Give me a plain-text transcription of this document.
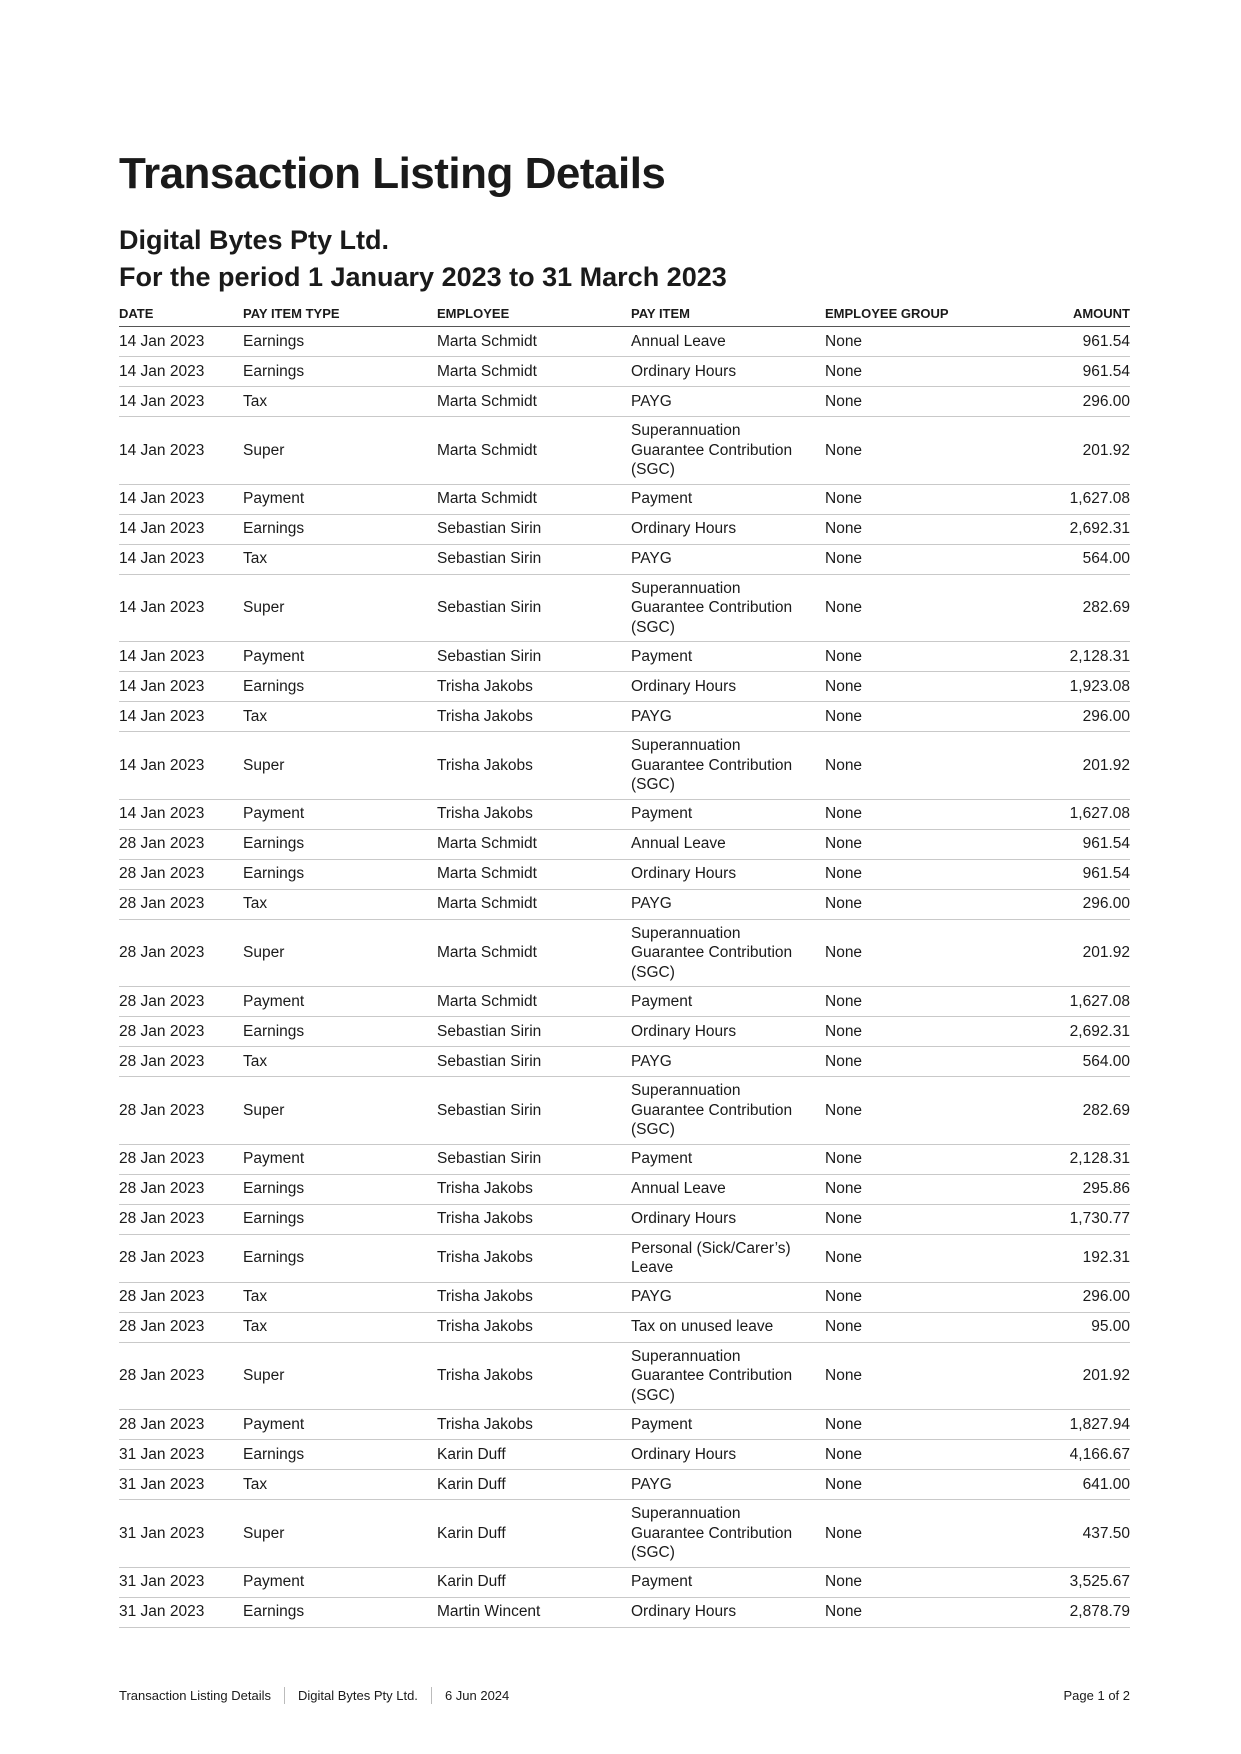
Transaction Listing Details
Digital Bytes Pty Ltd.
For the period 1 January 2023 to 31 March 2023
DATE	PAY ITEM TYPE	EMPLOYEE	PAY ITEM	EMPLOYEE GROUP	AMOUNT
14 Jan 2023	Earnings	Marta Schmidt	Annual Leave	None	961.54
14 Jan 2023	Earnings	Marta Schmidt	Ordinary Hours	None	961.54
14 Jan 2023	Tax	Marta Schmidt	PAYG	None	296.00
14 Jan 2023	Super	Marta Schmidt	Superannuation Guarantee Contribution (SGC)	None	201.92
14 Jan 2023	Payment	Marta Schmidt	Payment	None	1,627.08
14 Jan 2023	Earnings	Sebastian Sirin	Ordinary Hours	None	2,692.31
14 Jan 2023	Tax	Sebastian Sirin	PAYG	None	564.00
14 Jan 2023	Super	Sebastian Sirin	Superannuation Guarantee Contribution (SGC)	None	282.69
14 Jan 2023	Payment	Sebastian Sirin	Payment	None	2,128.31
14 Jan 2023	Earnings	Trisha Jakobs	Ordinary Hours	None	1,923.08
14 Jan 2023	Tax	Trisha Jakobs	PAYG	None	296.00
14 Jan 2023	Super	Trisha Jakobs	Superannuation Guarantee Contribution (SGC)	None	201.92
14 Jan 2023	Payment	Trisha Jakobs	Payment	None	1,627.08
28 Jan 2023	Earnings	Marta Schmidt	Annual Leave	None	961.54
28 Jan 2023	Earnings	Marta Schmidt	Ordinary Hours	None	961.54
28 Jan 2023	Tax	Marta Schmidt	PAYG	None	296.00
28 Jan 2023	Super	Marta Schmidt	Superannuation Guarantee Contribution (SGC)	None	201.92
28 Jan 2023	Payment	Marta Schmidt	Payment	None	1,627.08
28 Jan 2023	Earnings	Sebastian Sirin	Ordinary Hours	None	2,692.31
28 Jan 2023	Tax	Sebastian Sirin	PAYG	None	564.00
28 Jan 2023	Super	Sebastian Sirin	Superannuation Guarantee Contribution (SGC)	None	282.69
28 Jan 2023	Payment	Sebastian Sirin	Payment	None	2,128.31
28 Jan 2023	Earnings	Trisha Jakobs	Annual Leave	None	295.86
28 Jan 2023	Earnings	Trisha Jakobs	Ordinary Hours	None	1,730.77
28 Jan 2023	Earnings	Trisha Jakobs	Personal (Sick/Carer’s) Leave	None	192.31
28 Jan 2023	Tax	Trisha Jakobs	PAYG	None	296.00
28 Jan 2023	Tax	Trisha Jakobs	Tax on unused leave	None	95.00
28 Jan 2023	Super	Trisha Jakobs	Superannuation Guarantee Contribution (SGC)	None	201.92
28 Jan 2023	Payment	Trisha Jakobs	Payment	None	1,827.94
31 Jan 2023	Earnings	Karin Duff	Ordinary Hours	None	4,166.67
31 Jan 2023	Tax	Karin Duff	PAYG	None	641.00
31 Jan 2023	Super	Karin Duff	Superannuation Guarantee Contribution (SGC)	None	437.50
31 Jan 2023	Payment	Karin Duff	Payment	None	3,525.67
31 Jan 2023	Earnings	Martin Wincent	Ordinary Hours	None	2,878.79
Transaction Listing Details Digital Bytes Pty Ltd. 6 Jun 2024	Page 1 of 2
